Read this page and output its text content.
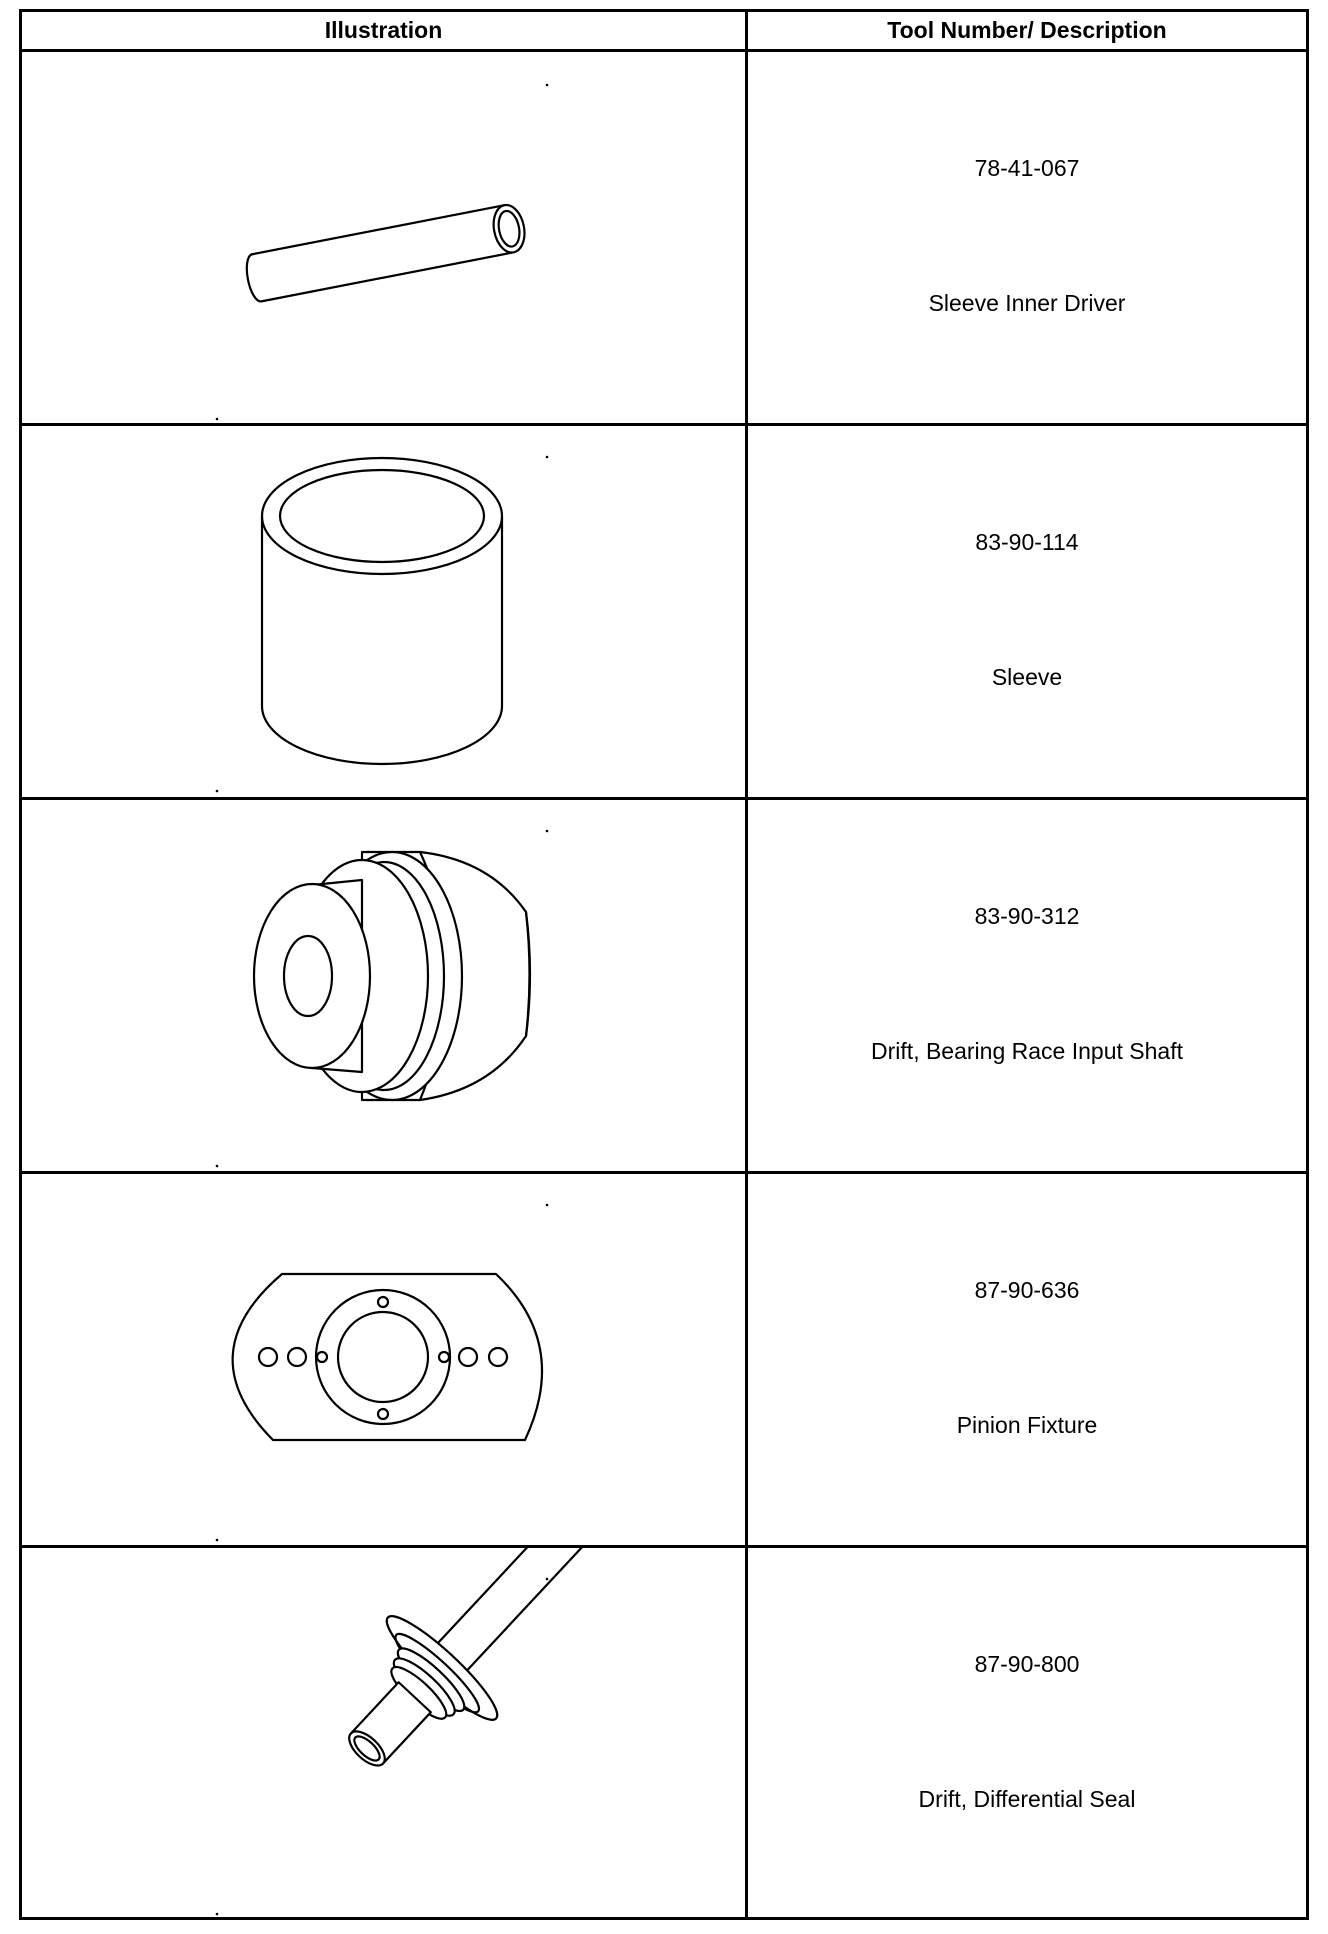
Illustration	Tool Number/ Description
78-41-067
Sleeve Inner Driver
83-90-114
Sleeve
83-90-312
Drift, Bearing Race Input Shaft
87-90-636
Pinion Fixture
87-90-800
Drift, Differential Seal
